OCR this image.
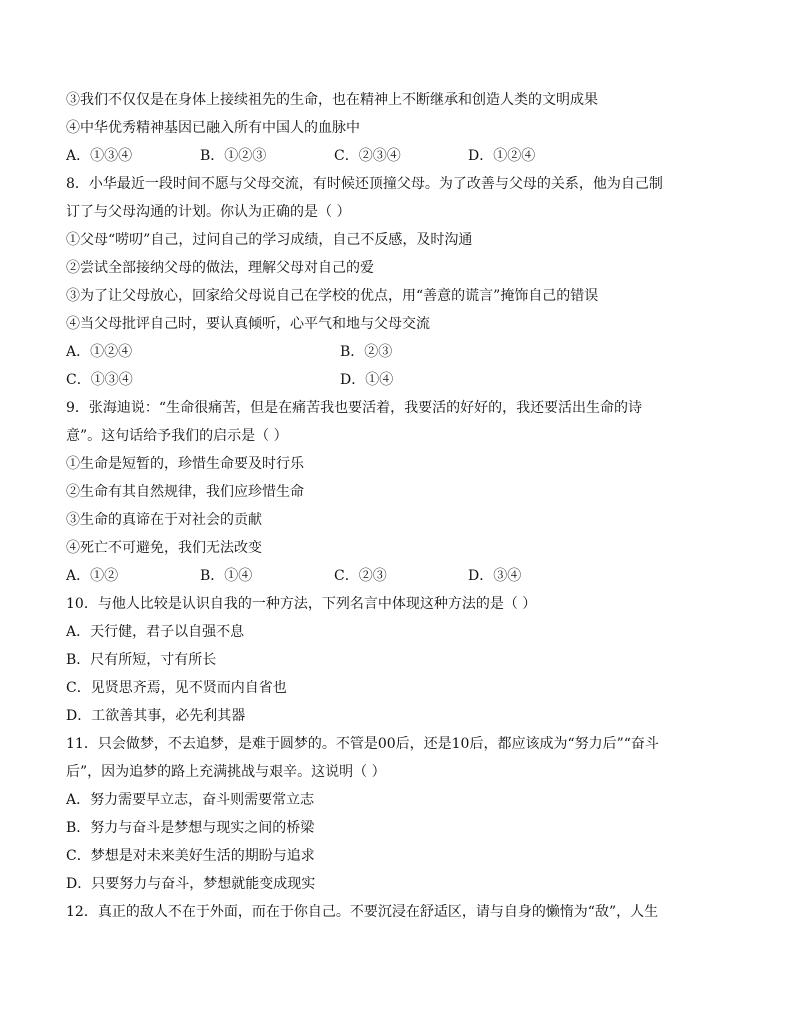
③我们不仅仅是在身体上接续祖先的生命，也在精神上不断继承和创造人类的文明成果
④中华优秀精神基因已融入所有中国人的血脉中
A．①③④	B．①②③	C．②③④	D．①②④
8．小华最近一段时间不愿与父母交流，有时候还顶撞父母。为了改善与父母的关系，他为自己制
订了与父母沟通的计划。你认为正确的是（ ）
①父母“唠叨”自己，过问自己的学习成绩，自己不反感，及时沟通
②尝试全部接纳父母的做法，理解父母对自己的爱
③为了让父母放心，回家给父母说自己在学校的优点，用“善意的谎言”掩饰自己的错误
④当父母批评自己时，要认真倾听，心平气和地与父母交流
A．①②④	B．②③
C．①③④	D．①④
9．张海迪说：“生命很痛苦，但是在痛苦我也要活着，我要活的好好的，我还要活出生命的诗
意”。这句话给予我们的启示是（ ）
①生命是短暂的，珍惜生命要及时行乐
②生命有其自然规律，我们应珍惜生命
③生命的真谛在于对社会的贡献
④死亡不可避免，我们无法改变
A．①②	B．①④	C．②③	D．③④
10．与他人比较是认识自我的一种方法，下列名言中体现这种方法的是（ ）
A．天行健，君子以自强不息
B．尺有所短，寸有所长
C．见贤思齐焉，见不贤而内自省也
D．工欲善其事，必先利其器
11．只会做梦，不去追梦，是难于圆梦的。不管是00后，还是10后，都应该成为“努力后”“奋斗
后”，因为追梦的路上充满挑战与艰辛。这说明（ ）
A．努力需要早立志，奋斗则需要常立志
B．努力与奋斗是梦想与现实之间的桥梁
C．梦想是对未来美好生活的期盼与追求
D．只要努力与奋斗，梦想就能变成现实
12．真正的敌人不在于外面，而在于你自己。不要沉浸在舒适区，请与自身的懒惰为“敌”，人生
